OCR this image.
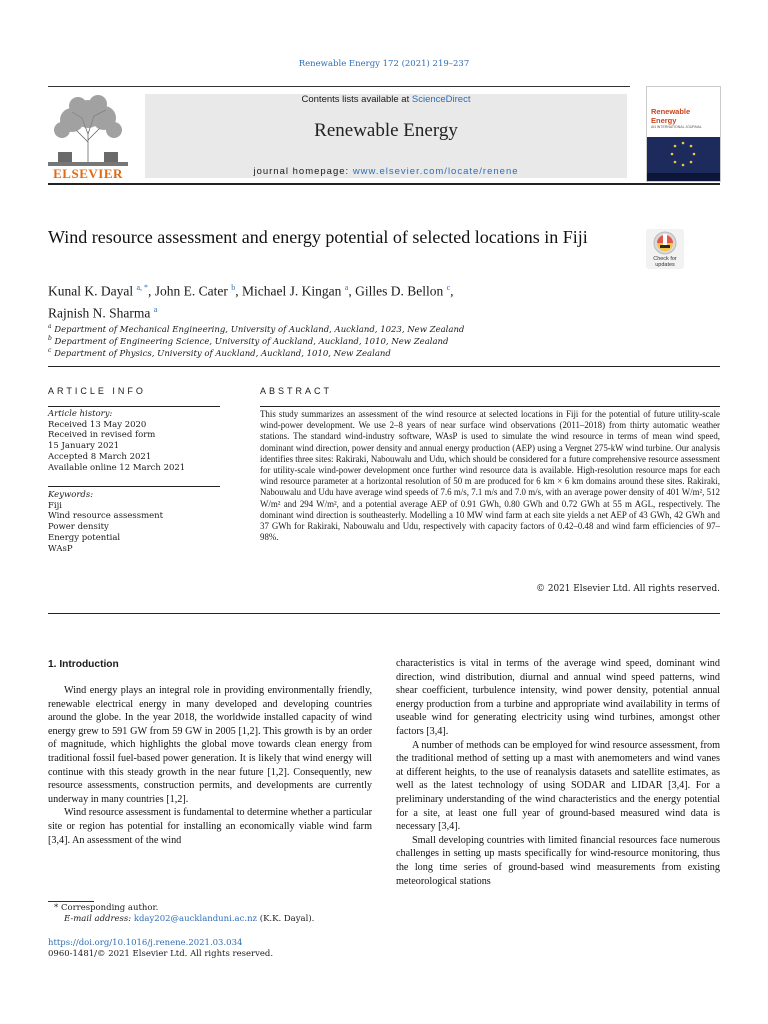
Renewable Energy 172 (2021) 219–237
ELSEVIER
Contents lists available at ScienceDirect
Renewable Energy
journal homepage: www.elsevier.com/locate/renene
Renewable Energy
AN INTERNATIONAL JOURNAL
Wind resource assessment and energy potential of selected locations in Fiji
Check for updates
Kunal K. Dayal $^{a, *}$, John E. Cater $^b$, Michael J. Kingan $^a$, Gilles D. Bellon $^c$,
Rajnish N. Sharma $^a$
$^a$ Department of Mechanical Engineering, University of Auckland, Auckland, 1023, New Zealand
$^b$ Department of Engineering Science, University of Auckland, Auckland, 1010, New Zealand
$^c$ Department of Physics, University of Auckland, Auckland, 1010, New Zealand
ARTICLE INFO
Article history:
Received 13 May 2020
Received in revised form
15 January 2021
Accepted 8 March 2021
Available online 12 March 2021
Keywords:
Fiji
Wind resource assessment
Power density
Energy potential
WAsP
ABSTRACT
This study summarizes an assessment of the wind resource at selected locations in Fiji for the potential of future utility-scale wind-power development. We use 2–8 years of near surface wind observations (2011–2018) from thirty automatic weather stations. The standard wind-industry software, WAsP is used to simulate the wind resource in terms of mean wind speed, dominant wind direction, power density and annual energy production (AEP) using a Vergnet 275-kW wind turbine. Our analysis identifies three sites: Rakiraki, Nabouwalu and Udu, which should be considered for a future comprehensive resource assessment for utility-scale wind-power development once further wind resource data is available. High-resolution resource maps for each wind resource parameter at a horizontal resolution of 50 m are produced for 6 km × 6 km domains around these sites. Rakiraki, Nabouwalu and Udu have average wind speeds of 7.6 m/s, 7.1 m/s and 7.0 m/s, with an average power density of 401 W/m², 512 W/m² and 294 W/m², and a potential average AEP of 0.91 GWh, 0.80 GWh and 0.72 GWh at 55 m AGL, respectively. The dominant wind direction is southeasterly. Modelling a 10 MW wind farm at each site yields a net AEP of 43 GWh, 42 GWh and 37 GWh for Rakiraki, Nabouwalu and Udu, respectively with capacity factors of 0.42–0.48 and wind farm efficiencies of 97–98%.
© 2021 Elsevier Ltd. All rights reserved.
1. Introduction

Wind energy plays an integral role in providing environmentally friendly, renewable electrical energy in many developed and developing countries around the globe. In the year 2018, the worldwide installed capacity of wind energy grew to 591 GW from 59 GW in 2005 [1,2]. This growth is by an order of magnitude, which highlights the global move towards clean energy from traditional fossil fuel-based power generation. It is likely that wind energy will continue with this steady growth in the near future [1,2]. Consequently, new resource assessments, construction permits, and developments are currently underway in many countries [1,2].

Wind resource assessment is fundamental to determine whether a particular site or region has potential for installing an economically viable wind farm [3,4]. An assessment of the wind

characteristics is vital in terms of the average wind speed, dominant wind direction, wind distribution, diurnal and annual wind speed patterns, wind shear coefficient, turbulence intensity, wind power density, potential annual energy production from a turbine and appropriate wind availability in terms of useable wind for generating electricity using wind turbines, amongst other factors [3,4].

A number of methods can be employed for wind resource assessment, from the traditional method of setting up a mast with anemometers and wind vanes at different heights, to the use of reanalysis datasets and satellite estimates, as well as the latest technology of using SODAR and LIDAR [3,4]. For a preliminary understanding of the wind characteristics and the energy potential for a site, at least one full year of ground-based measured wind data is necessary [3,4].

Small developing countries with limited financial resources face numerous challenges in setting up masts specifically for wind-resource monitoring, thus the long time series of ground-based wind measurements from existing meteorological stations

* Corresponding author.
E-mail address: kday202@aucklanduni.ac.nz (K.K. Dayal).
https://doi.org/10.1016/j.renene.2021.03.034
0960-1481/© 2021 Elsevier Ltd. All rights reserved.
